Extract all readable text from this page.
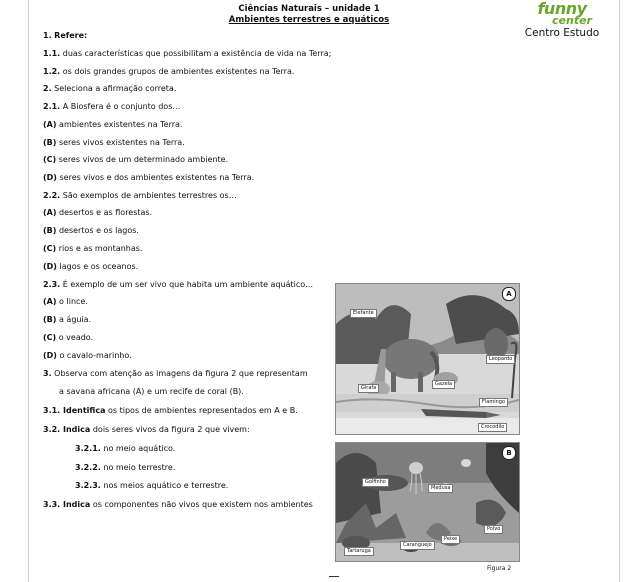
Ciências Naturais – unidade 1
Ambientes terrestres e aquáticos
funny
center
Centro Estudo
1. Refere:
1.1. duas características que possibilitam a existência de vida na Terra;
1.2. os dois grandes grupos de ambientes existentes na Terra.
2. Seleciona a afirmação correta.
2.1. A Biosfera é o conjunto dos…
(A) ambientes existentes na Terra.
(B) seres vivos existentes na Terra.
(C) seres vivos de um determinado ambiente.
(D) seres vivos e dos ambientes existentes na Terra.
2.2. São exemplos de ambientes terrestres os…
(A) desertos e as florestas.
(B) desertos e os lagos.
(C) rios e as montanhas.
(D) lagos e os oceanos.
2.3. É exemplo de um ser vivo que habita um ambiente aquático…
(A) o lince.
(B) a águia.
(C) o veado.
(D) o cavalo-marinho.
3. Observa com atenção as imagens da figura 2 que representam
a savana africana (A) e um recife de coral (B).
3.1. Identifica os tipos de ambientes representados em A e B.
3.2. Indica dois seres vivos da figura 2 que vivem:
3.2.1. no meio aquático.
3.2.2. no meio terrestre.
3.2.3. nos meios aquático e terrestre.
3.3. Indica os componentes não vivos que existem nos ambientes
A
Elefante
Leopardo
Girafa
Gazela
Flamingo
Crocodilo
B
Golfinho
Medusa
Polvo
Peixe
Caranguejo
Tartaruga
Figura 2
